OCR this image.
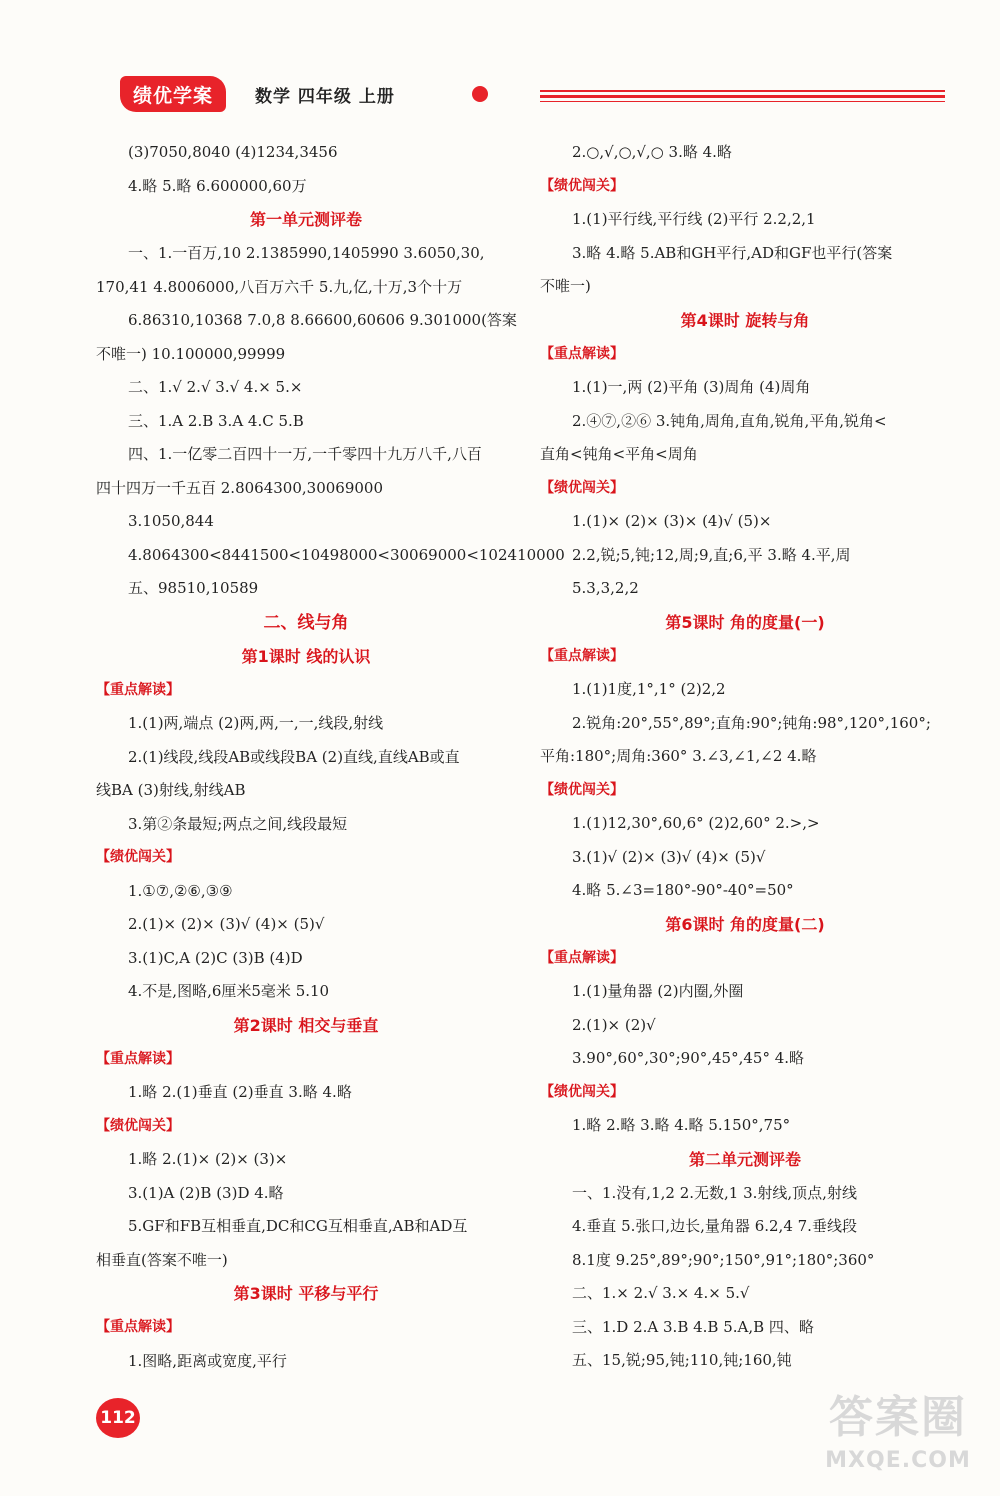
绩优学案	数学 四年级 上册
(3)7050,8040 (4)1234,3456
4.略 5.略 6.600000,60万
第一单元测评卷
一、1.一百万,10 2.1385990,1405990 3.6050,30,
170,41 4.8006000,八百万六千 5.九,亿,十万,3个十万
6.86310,10368 7.0,8 8.66600,60606 9.301000(答案
不唯一) 10.100000,99999
二、1.√ 2.√ 3.√ 4.× 5.×
三、1.A 2.B 3.A 4.C 5.B
四、1.一亿零二百四十一万,一千零四十九万八千,八百
四十四万一千五百 2.8064300,30069000
3.1050,844
4.8064300<8441500<10498000<30069000<102410000
五、98510,10589
二、线与角
第1课时 线的认识
【重点解读】
1.(1)两,端点 (2)两,两,一,一,线段,射线
2.(1)线段,线段AB或线段BA (2)直线,直线AB或直
线BA (3)射线,射线AB
3.第②条最短;两点之间,线段最短
【绩优闯关】
1.①⑦,②⑥,③⑨
2.(1)× (2)× (3)√ (4)× (5)√
3.(1)C,A (2)C (3)B (4)D
4.不是,图略,6厘米5毫米 5.10
第2课时 相交与垂直
【重点解读】
1.略 2.(1)垂直 (2)垂直 3.略 4.略
【绩优闯关】
1.略 2.(1)× (2)× (3)×
3.(1)A (2)B (3)D 4.略
5.GF和FB互相垂直,DC和CG互相垂直,AB和AD互
相垂直(答案不唯一)
第3课时 平移与平行
【重点解读】
1.图略,距离或宽度,平行
2.○,√,○,√,○ 3.略 4.略
【绩优闯关】
1.(1)平行线,平行线 (2)平行 2.2,2,1
3.略 4.略 5.AB和GH平行,AD和GF也平行(答案
不唯一)
第4课时 旋转与角
【重点解读】
1.(1)一,两 (2)平角 (3)周角 (4)周角
2.④⑦,②⑥ 3.钝角,周角,直角,锐角,平角,锐角<
直角<钝角<平角<周角
【绩优闯关】
1.(1)× (2)× (3)× (4)√ (5)×
2.2,锐;5,钝;12,周;9,直;6,平 3.略 4.平,周
5.3,3,2,2
第5课时 角的度量(一)
【重点解读】
1.(1)1度,1°,1° (2)2,2
2.锐角:20°,55°,89°;直角:90°;钝角:98°,120°,160°;
平角:180°;周角:360° 3.∠3,∠1,∠2 4.略
【绩优闯关】
1.(1)12,30°,60,6° (2)2,60° 2.>,>
3.(1)√ (2)× (3)√ (4)× (5)√
4.略 5.∠3=180°-90°-40°=50°
第6课时 角的度量(二)
【重点解读】
1.(1)量角器 (2)内圈,外圈
2.(1)× (2)√
3.90°,60°,30°;90°,45°,45° 4.略
【绩优闯关】
1.略 2.略 3.略 4.略 5.150°,75°
第二单元测评卷
一、1.没有,1,2 2.无数,1 3.射线,顶点,射线
4.垂直 5.张口,边长,量角器 6.2,4 7.垂线段
8.1度 9.25°,89°;90°;150°,91°;180°;360°
二、1.× 2.√ 3.× 4.× 5.√
三、1.D 2.A 3.B 4.B 5.A,B 四、略
五、15,锐;95,钝;110,钝;160,钝
112	答案圈
MXQE.COM
